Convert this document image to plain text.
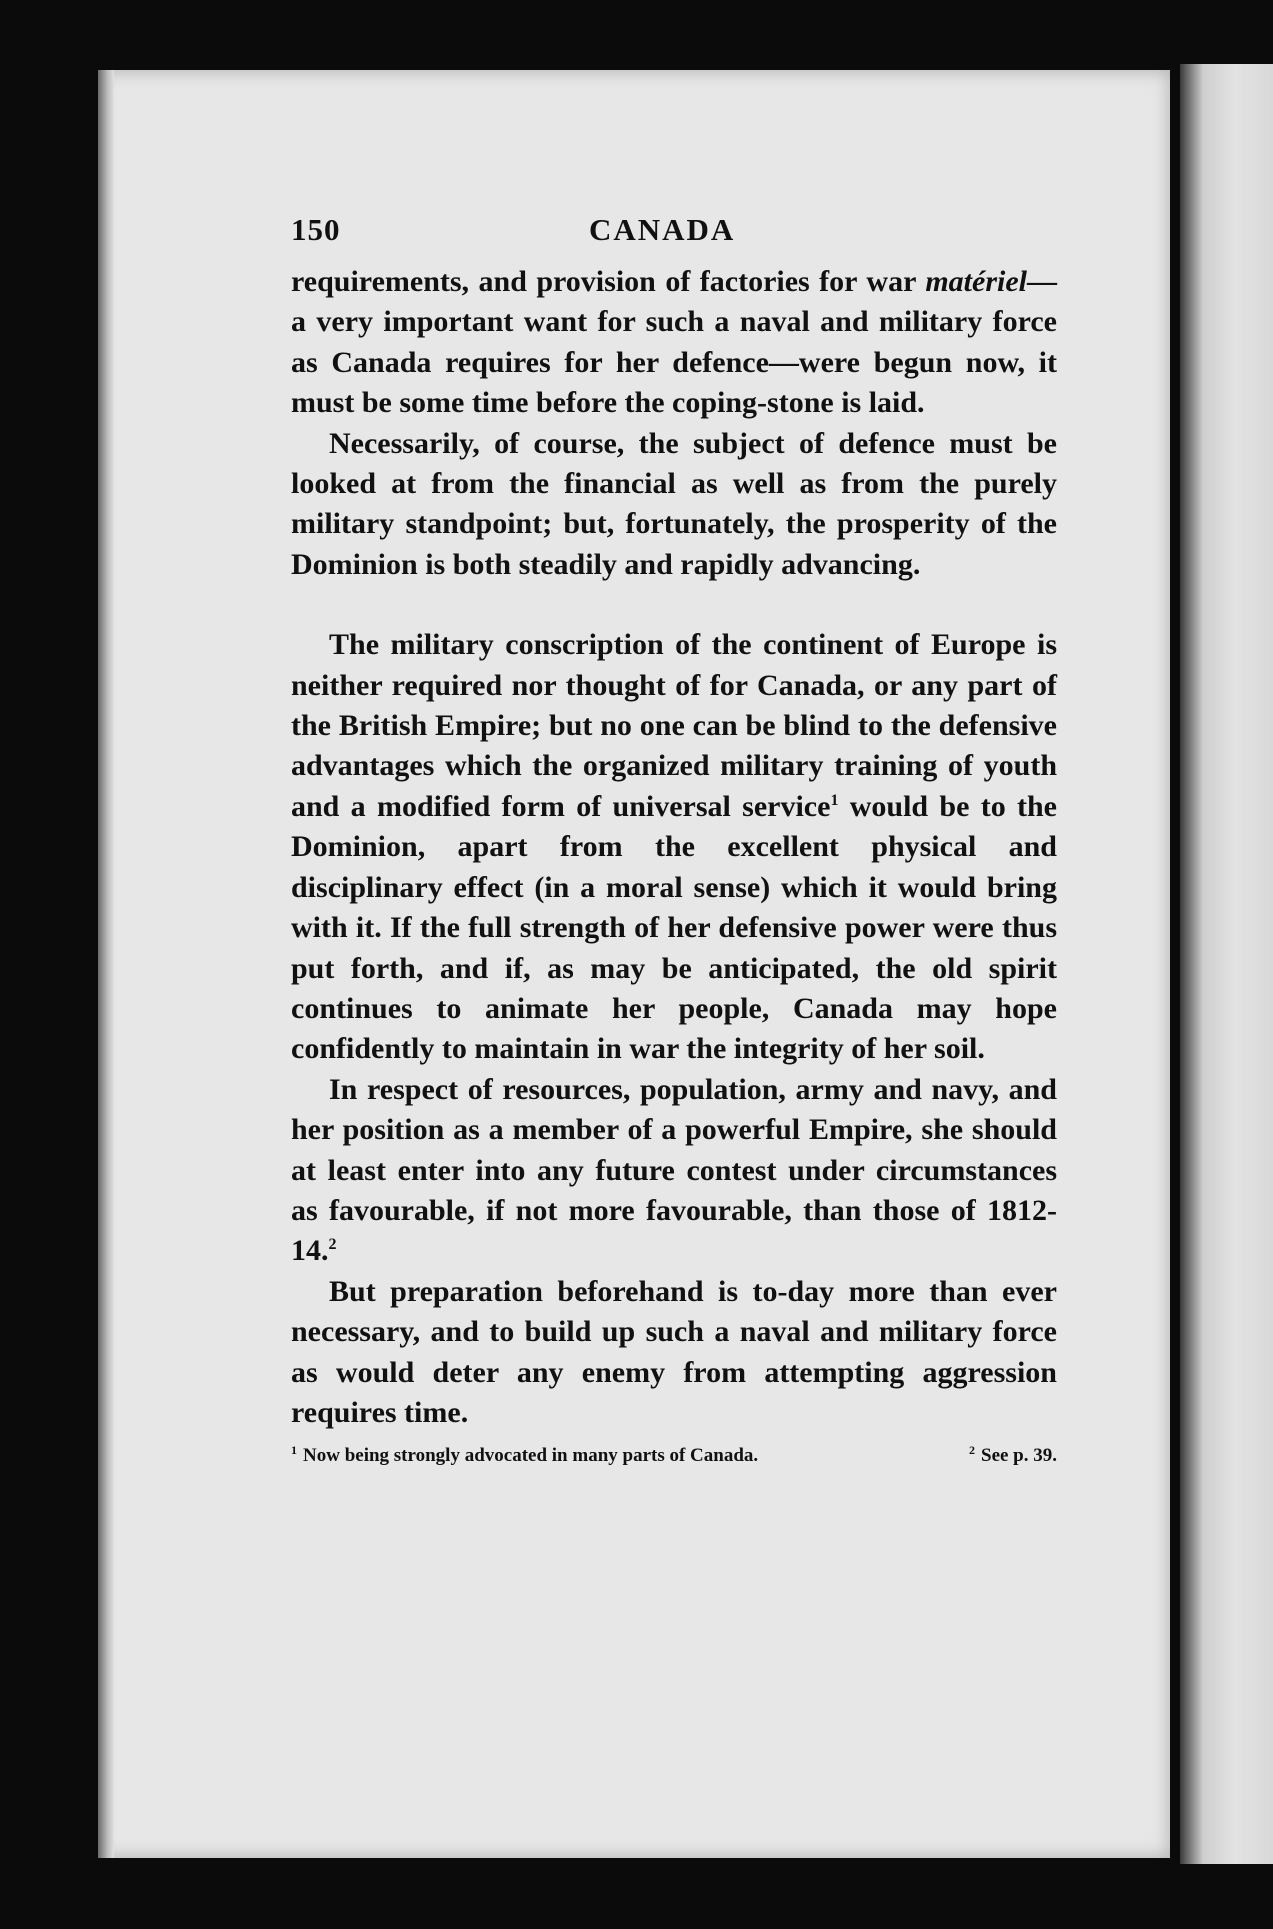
150	CANADA

requirements, and provision of factories for war matériel—a very important want for such a naval and military force as Canada requires for her defence—were begun now, it must be some time before the coping-stone is laid.

Necessarily, of course, the subject of defence must be looked at from the financial as well as from the purely military standpoint; but, fortunately, the prosperity of the Dominion is both steadily and rapidly advancing.

The military conscription of the continent of Europe is neither required nor thought of for Canada, or any part of the British Empire; but no one can be blind to the defensive advantages which the organized military training of youth and a modified form of universal service$^1$ would be to the Dominion, apart from the excellent physical and disciplinary effect (in a moral sense) which it would bring with it. If the full strength of her defensive power were thus put forth, and if, as may be anticipated, the old spirit continues to animate her people, Canada may hope confidently to maintain in war the integrity of her soil.

In respect of resources, population, army and navy, and her position as a member of a powerful Empire, she should at least enter into any future contest under circumstances as favourable, if not more favourable, than those of 1812-14.$^2$

But preparation beforehand is to-day more than ever necessary, and to build up such a naval and military force as would deter any enemy from attempting aggression requires time.

$^1$ Now being strongly advocated in many parts of Canada.	$^2$ See p. 39.
